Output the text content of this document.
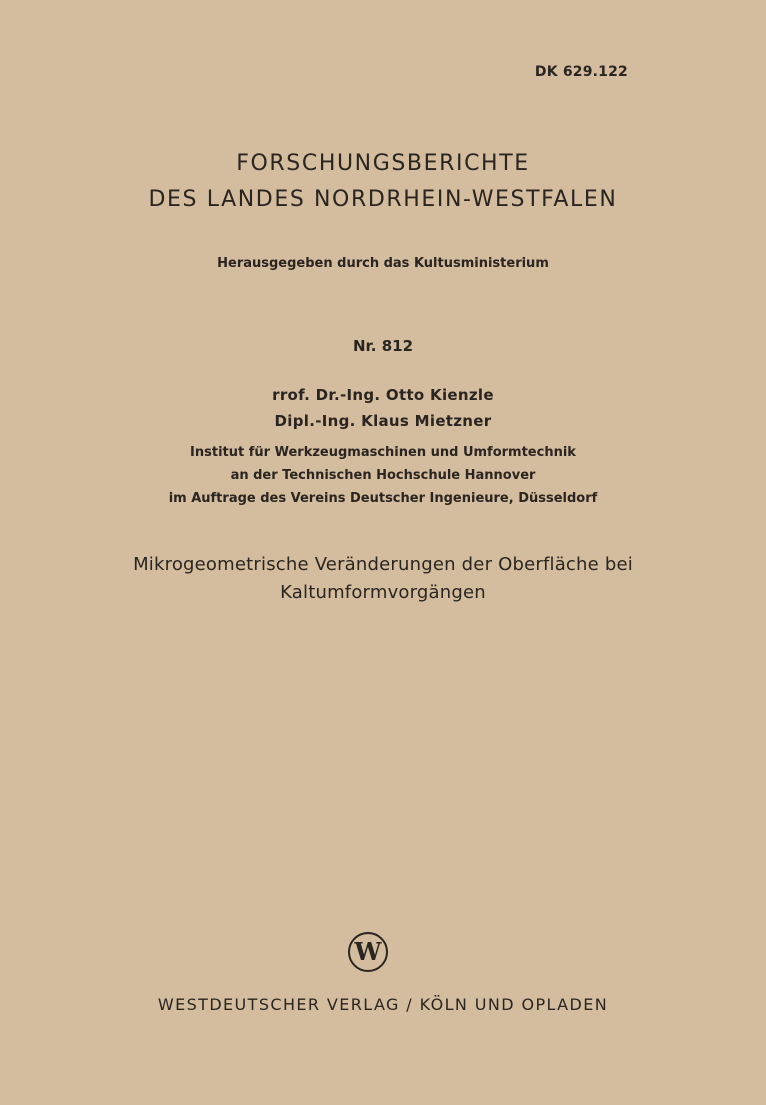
DK 629.122
FORSCHUNGSBERICHTE
DES LANDES NORDRHEIN-WESTFALEN
Herausgegeben durch das Kultusministerium
Nr. 812
rrof. Dr.-Ing. Otto Kienzle
Dipl.-Ing. Klaus Mietzner
Institut für Werkzeugmaschinen und Umformtechnik
an der Technischen Hochschule Hannover
im Auftrage des Vereins Deutscher Ingenieure, Düsseldorf
Mikrogeometrische Veränderungen der Oberfläche bei
Kaltumformvorgängen
W
WESTDEUTSCHER VERLAG / KÖLN UND OPLADEN
